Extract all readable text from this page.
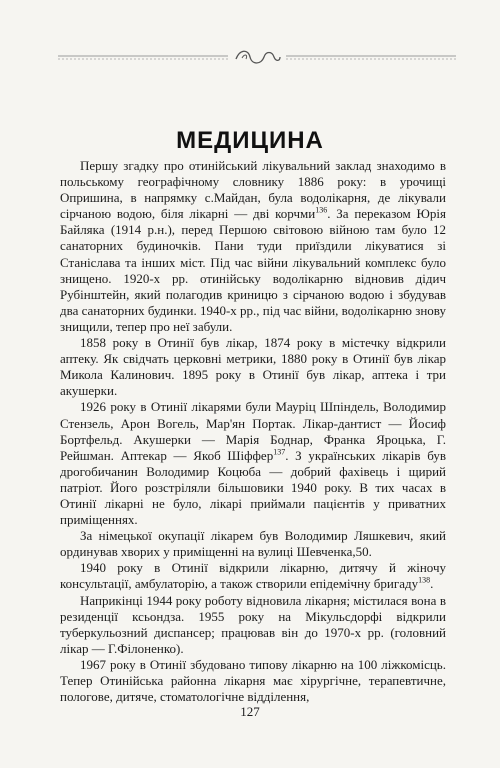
МЕДИЦИНА

Першу згадку про отинійський лікувальний заклад знаходимо в польському географічному словнику 1886 року: в урочищі Опришина, в напрямку с.Майдан, була водолікарня, де лікували сірчаною водою, біля лікарні — дві корчми$^{136}$. За переказом Юрія Байляка (1914 р.н.), перед Першою світовою війною там було 12 санаторних будиночків. Пани туди приїздили лікуватися зі Станіслава та інших міст. Під час війни лікувальний комплекс було знищено. 1920-х рр. отинійську водолікарню відновив дідич Рубінштейн, який полагодив криницю з сірчаною водою і збудував два санаторних будинки. 1940-х рр., під час війни, водолікарню знову знищили, тепер про неї забули.

1858 року в Отинії був лікар, 1874 року в містечку відкрили аптеку. Як свідчать церковні метрики, 1880 року в Отинії був лікар Микола Калинович. 1895 року в Отинії був лікар, аптека і три акушерки.

1926 року в Отинії лікарями були Мауріц Шпіндель, Володимир Стензель, Арон Вогель, Мар'ян Портак. Лікар-дантист — Йосиф Бортфельд. Акушерки — Марія Боднар, Франка Яроцька, Г. Рейшман. Аптекар — Якоб Шіффер$^{137}$. З українських лікарів був дрогобичанин Володимир Коцюба — добрий фахівець і щирий патріот. Його розстріляли більшовики 1940 року. В тих часах в Отинії лікарні не було, лікарі приймали пацієнтів у приватних приміщеннях.

За німецької окупації лікарем був Володимир Ляшкевич, який ординував хворих у приміщенні на вулиці Шевченка,50.

1940 року в Отинії відкрили лікарню, дитячу й жіночу консультації, амбулаторію, а також створили епідемічну бригаду$^{138}$.

Наприкінці 1944 року роботу відновила лікарня; містилася вона в резиденції ксьондза. 1955 року на Мікульсдорфі відкрили туберкульозний диспансер; працював він до 1970-х рр. (головний лікар — Г.Філоненко).

1967 року в Отинії збудовано типову лікарню на 100 ліжкомісць. Тепер Отинійська районна лікарня має хірургічне, терапевтичне, пологове, дитяче, стоматологічне відділення,

127
